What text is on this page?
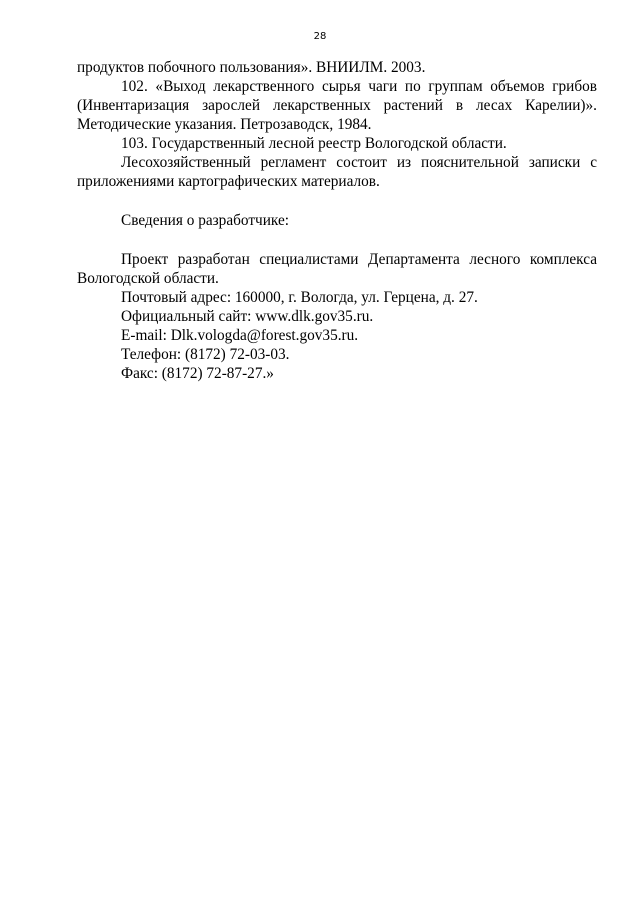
28

продуктов побочного пользования». ВНИИЛМ. 2003.

102. «Выход лекарственного сырья чаги по группам объемов грибов (Инвентаризация зарослей лекарственных растений в лесах Карелии)». Методические указания. Петрозаводск, 1984.

103. Государственный лесной реестр Вологодской области.

Лесохозяйственный регламент состоит из пояснительной записки с приложениями картографических материалов.

Сведения о разработчике:

Проект разработан специалистами Департамента лесного комплекса Вологодской области.

Почтовый адрес: 160000, г. Вологда, ул. Герцена, д. 27.

Официальный сайт: www.dlk.gov35.ru.

E-mail: Dlk.vologda@forest.gov35.ru.

Телефон: (8172) 72-03-03.

Факс: (8172) 72-87-27.»
